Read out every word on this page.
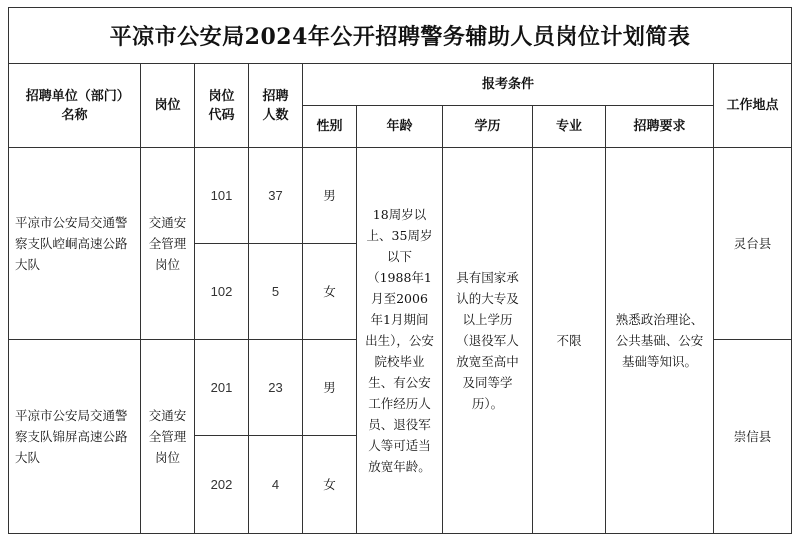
平凉市公安局2024年公开招聘警务辅助人员岗位计划简表									
招聘单位（部门）名称	岗位	岗位代码	招聘人数	报考条件					工作地点
				性别	年龄	学历	专业	招聘要求	
平凉市公安局交通警察支队崆峒高速公路大队	交通安全管理岗位	101	37	男	18周岁以上、35周岁以下（1988年1月至2006年1月期间出生），公安院校毕业生、有公安工作经历人员、退役军人等可适当放宽年龄。	具有国家承认的大专及以上学历（退役军人放宽至高中及同等学历）。	不限	熟悉政治理论、公共基础、公安基础等知识。	灵台县
		102	5	女					
平凉市公安局交通警察支队锦屏高速公路大队	交通安全管理岗位	201	23	男					崇信县
		202	4	女					
